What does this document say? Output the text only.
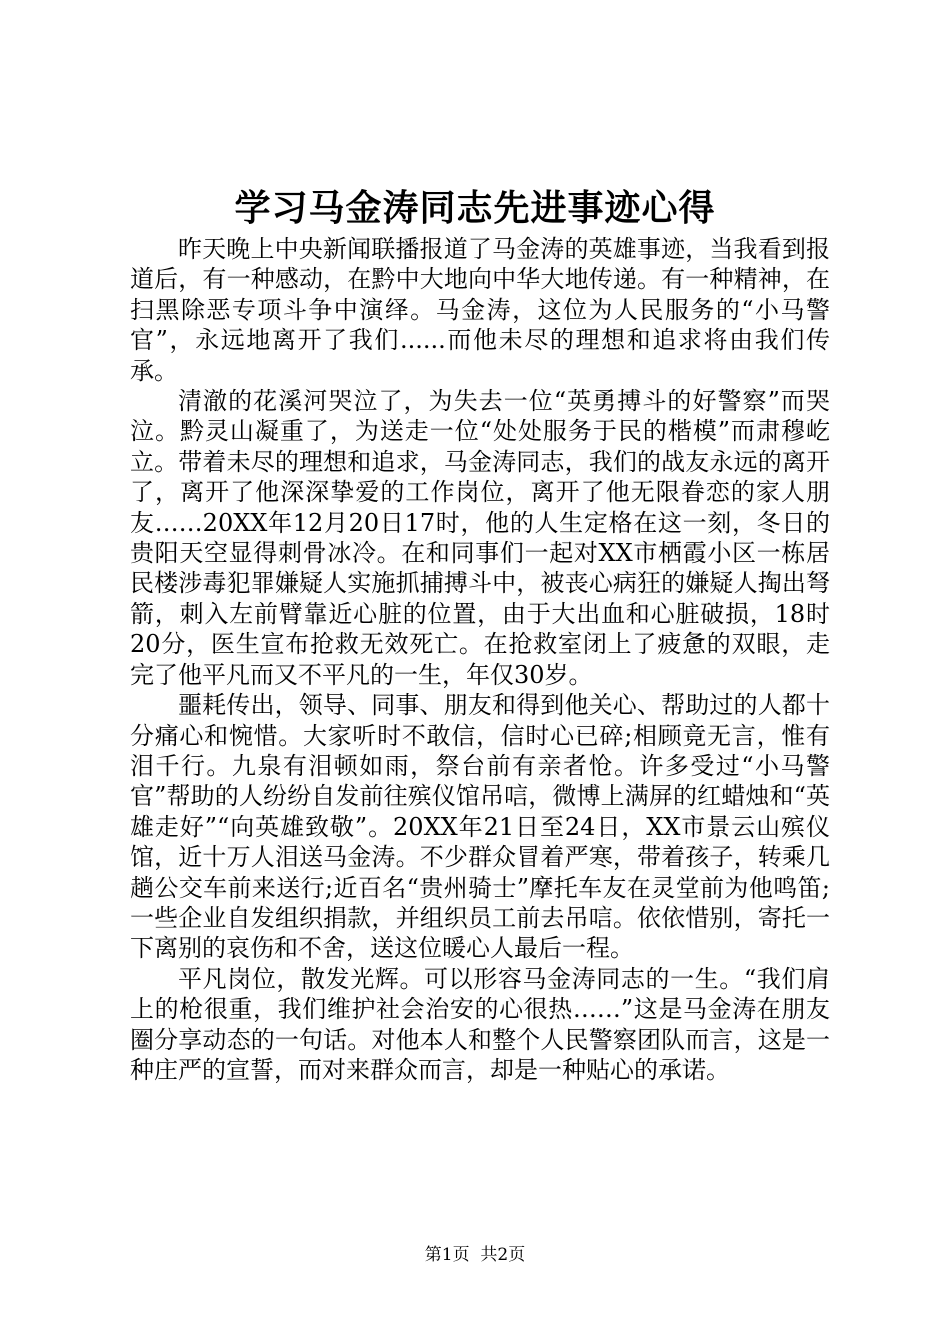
学习马金涛同志先进事迹心得

昨天晚上中央新闻联播报道了马金涛的英雄事迹，当我看到报道后，有一种感动，在黔中大地向中华大地传递。有一种精神，在扫黑除恶专项斗争中演绎。马金涛，这位为人民服务的“小马警官”，永远地离开了我们......而他未尽的理想和追求将由我们传承。

清澈的花溪河哭泣了，为失去一位“英勇搏斗的好警察”而哭泣。黔灵山凝重了，为送走一位“处处服务于民的楷模”而肃穆屹立。带着未尽的理想和追求，马金涛同志，我们的战友永远的离开了，离开了他深深挚爱的工作岗位，离开了他无限眷恋的家人朋友……20XX年12月20日17时，他的人生定格在这一刻，冬日的贵阳天空显得刺骨冰冷。在和同事们一起对XX市栖霞小区一栋居民楼涉毒犯罪嫌疑人实施抓捕搏斗中，被丧心病狂的嫌疑人掏出弩箭，刺入左前臂靠近心脏的位置，由于大出血和心脏破损，18时20分，医生宣布抢救无效死亡。在抢救室闭上了疲惫的双眼，走完了他平凡而又不平凡的一生，年仅30岁。

噩耗传出，领导、同事、朋友和得到他关心、帮助过的人都十分痛心和惋惜。大家听时不敢信，信时心已碎;相顾竟无言，惟有泪千行。九泉有泪顿如雨，祭台前有亲者怆。许多受过“小马警官”帮助的人纷纷自发前往殡仪馆吊唁，微博上满屏的红蜡烛和“英雄走好”“向英雄致敬”。20XX年21日至24日，XX市景云山殡仪馆，近十万人泪送马金涛。不少群众冒着严寒，带着孩子，转乘几趟公交车前来送行;近百名“贵州骑士”摩托车友在灵堂前为他鸣笛;一些企业自发组织捐款，并组织员工前去吊唁。依依惜别，寄托一下离别的哀伤和不舍，送这位暖心人最后一程。

平凡岗位，散发光辉。可以形容马金涛同志的一生。“我们肩上的枪很重，我们维护社会治安的心很热……”这是马金涛在朋友圈分享动态的一句话。对他本人和整个人民警察团队而言，这是一种庄严的宣誓，而对来群众而言，却是一种贴心的承诺。

第1页  共2页
